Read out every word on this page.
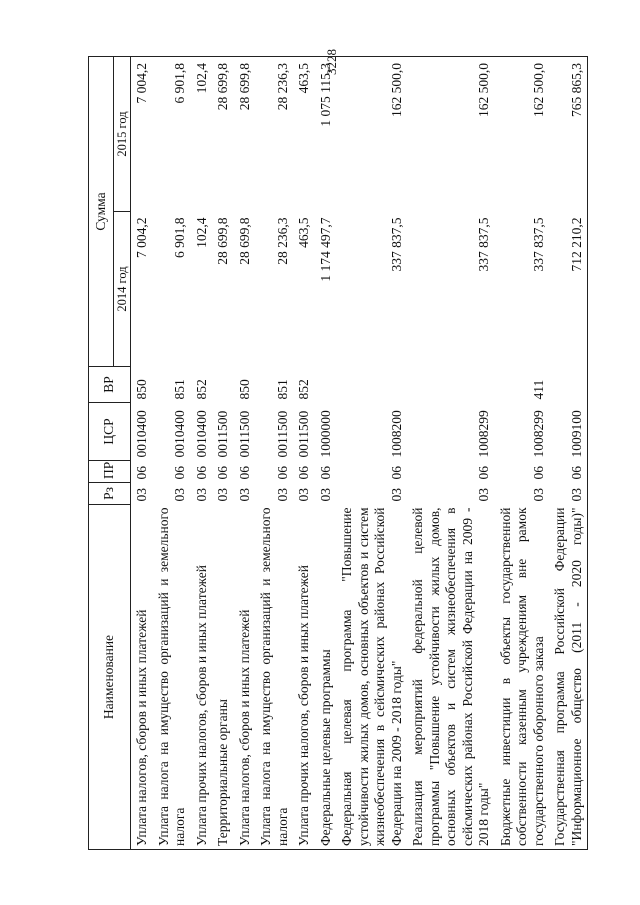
3228
Наименование	Рз	ПР	ЦСР	ВР	Сумма	
					2014 год	2015 год
Уплата налогов, сборов и иных платежей	03	06	0010400	850	7 004,2	7 004,2
Уплата налога на имущество организаций и земельного налога	03	06	0010400	851	6 901,8	6 901,8
Уплата прочих налогов, сборов и иных платежей	03	06	0010400	852	102,4	102,4
Территориальные органы	03	06	0011500		28 699,8	28 699,8
Уплата налогов, сборов и иных платежей	03	06	0011500	850	28 699,8	28 699,8
Уплата налога на имущество организаций и земельного налога	03	06	0011500	851	28 236,3	28 236,3
Уплата прочих налогов, сборов и иных платежей	03	06	0011500	852	463,5	463,5
Федеральные целевые программы	03	06	1000000		1 174 497,7	1 075 115,3
Федеральная целевая программа "Повышение устойчивости жилых домов, основных объектов и систем жизнеобеспечения в сейсмических районах Российской Федерации на 2009 - 2018 годы"	03	06	1008200		337 837,5	162 500,0
Реализация мероприятий федеральной целевой программы "Повышение устойчивости жилых домов, основных объектов и систем жизнеобеспечения в сейсмических районах Российской Федерации на 2009 - 2018 годы"	03	06	1008299		337 837,5	162 500,0
Бюджетные инвестиции в объекты государственной собственности казенным учреждениям вне рамок государственного оборонного заказа	03	06	1008299	411	337 837,5	162 500,0
Государственная программа Российской Федерации "Информационное общество (2011 - 2020 годы)"	03	06	1009100		712 210,2	765 865,3
